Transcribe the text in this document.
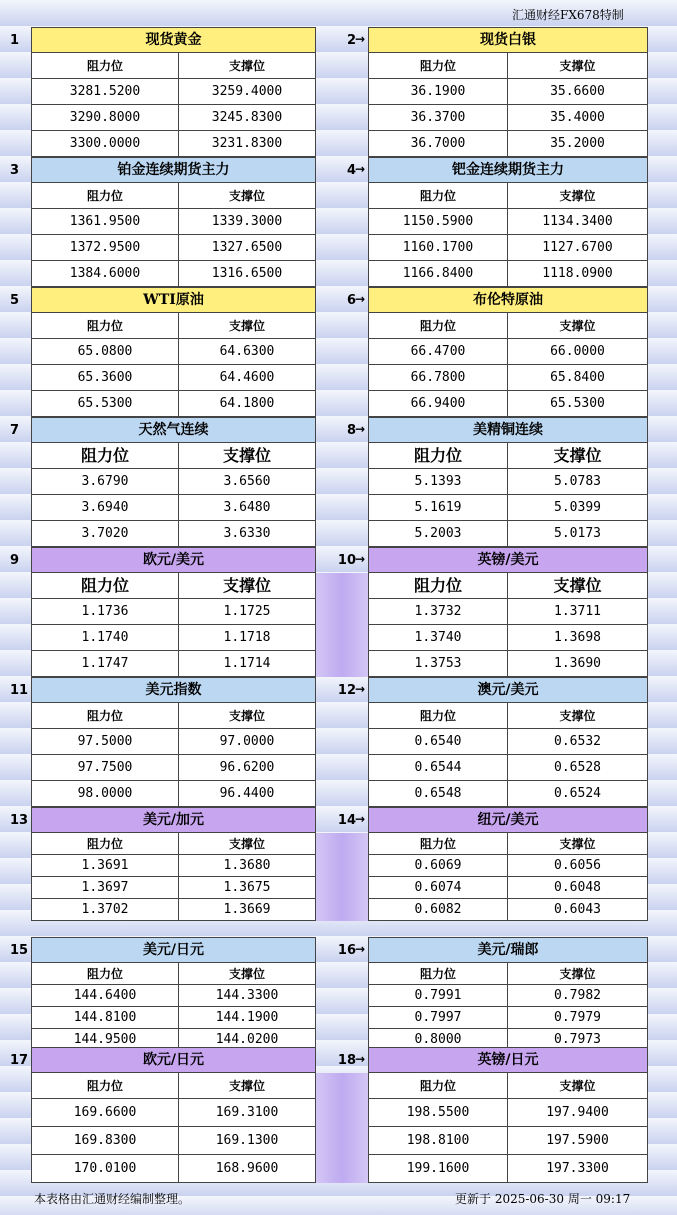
汇通财经FX678特制
1	现货黄金
阻力位	支撑位
3281.5200	3259.4000
3290.8000	3245.8300
3300.0000	3231.8300
2 →	现货白银
阻力位	支撑位
36.1900	35.6600
36.3700	35.4000
36.7000	35.2000
3	铂金连续期货主力
阻力位	支撑位
1361.9500	1339.3000
1372.9500	1327.6500
1384.6000	1316.6500
4 →	钯金连续期货主力
阻力位	支撑位
1150.5900	1134.3400
1160.1700	1127.6700
1166.8400	1118.0900
5	WTI原油
阻力位	支撑位
65.0800	64.6300
65.3600	64.4600
65.5300	64.1800
6 →	布伦特原油
阻力位	支撑位
66.4700	66.0000
66.7800	65.8400
66.9400	65.5300
7	天然气连续
阻力位	支撑位
3.6790	3.6560
3.6940	3.6480
3.7020	3.6330
8 →	美精铜连续
阻力位	支撑位
5.1393	5.0783
5.1619	5.0399
5.2003	5.0173
9	欧元/美元
阻力位	支撑位
1.1736	1.1725
1.1740	1.1718
1.1747	1.1714
10 →	英镑/美元
阻力位	支撑位
1.3732	1.3711
1.3740	1.3698
1.3753	1.3690
11	美元指数
阻力位	支撑位
97.5000	97.0000
97.7500	96.6200
98.0000	96.4400
12 →	澳元/美元
阻力位	支撑位
0.6540	0.6532
0.6544	0.6528
0.6548	0.6524
13	美元/加元
阻力位	支撑位
1.3691	1.3680
1.3697	1.3675
1.3702	1.3669
14 →	纽元/美元
阻力位	支撑位
0.6069	0.6056
0.6074	0.6048
0.6082	0.6043
15	美元/日元
阻力位	支撑位
144.6400	144.3300
144.8100	144.1900
144.9500	144.0200
16 →	美元/瑞郎
阻力位	支撑位
0.7991	0.7982
0.7997	0.7979
0.8000	0.7973
17	欧元/日元
阻力位	支撑位
169.6600	169.3100
169.8300	169.1300
170.0100	168.9600
18 →	英镑/日元
阻力位	支撑位
198.5500	197.9400
198.8100	197.5900
199.1600	197.3300
本表格由汇通财经编制整理。	更新于 2025-06-30 周一 09:17
